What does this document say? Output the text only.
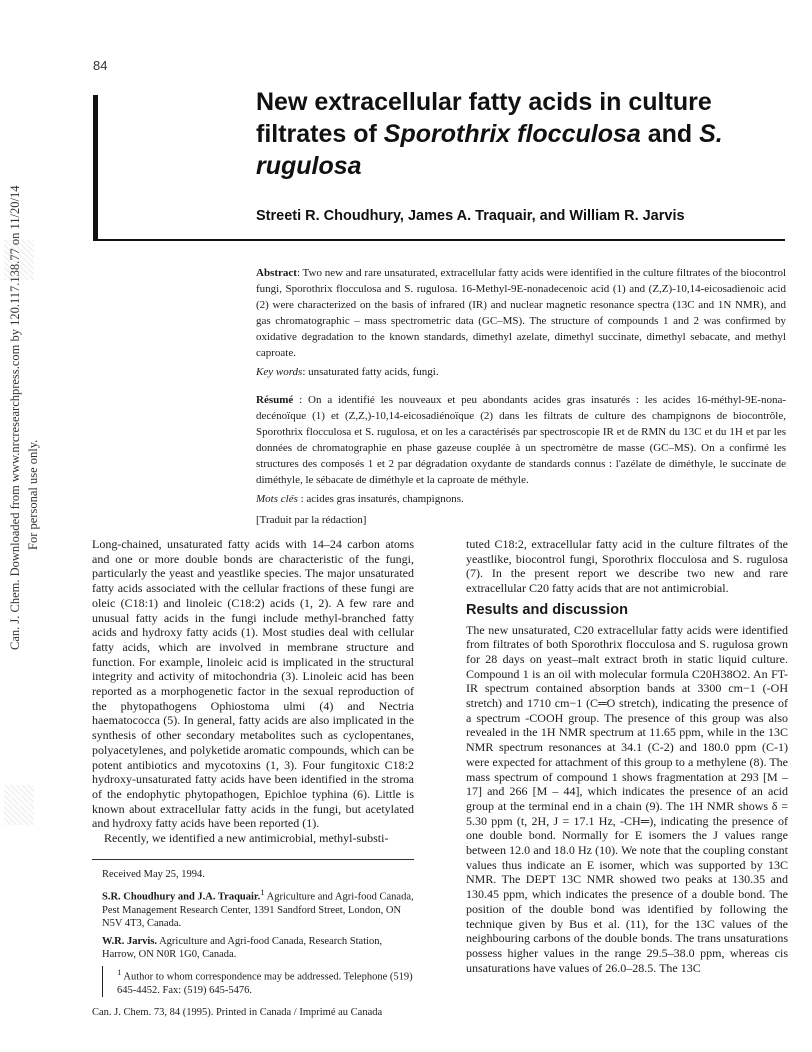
84
New extracellular fatty acids in culture filtrates of Sporothrix flocculosa and S. rugulosa
Streeti R. Choudhury, James A. Traquair, and William R. Jarvis
Can. J. Chem. Downloaded from www.nrcresearchpress.com by 120.117.138.77 on 11/20/14 For personal use only.

Abstract: Two new and rare unsaturated, extracellular fatty acids were identified in the culture filtrates of the biocontrol fungi, Sporothrix flocculosa and S. rugulosa. 16-Methyl-9E-nonadecenoic acid (1) and (Z,Z)-10,14-eicosadienoic acid (2) were characterized on the basis of infrared (IR) and nuclear magnetic resonance spectra (13C and 1N NMR), and gas chromatographic – mass spectrometric data (GC–MS). The structure of compounds 1 and 2 was confirmed by oxidative degradation to the known standards, dimethyl azelate, dimethyl succinate, dimethyl sebacate, and methyl caproate.

Key words: unsaturated fatty acids, fungi.

Résumé : On a identifié les nouveaux et peu abondants acides gras insaturés : les acides 16-méthyl-9E-nona-decénoïque (1) et (Z,Z,)-10,14-eicosadiénoïque (2) dans les filtrats de culture des champignons de biocontrôle, Sporothrix flocculosa et S. rugulosa, et on les a caractérisés par spectroscopie IR et de RMN du 13C et du 1H et par les données de chromatographie en phase gazeuse couplée à un spectromètre de masse (GC–MS). On a confirmé les structures des composés 1 et 2 par dégradation oxydante de standards connus : l'azélate de diméthyle, le succinate de diméthyle, le sébacate de diméthyle et la caproate de méthyle.

Mots clés : acides gras insaturés, champignons.

[Traduit par la rédaction]

Long-chained, unsaturated fatty acids with 14–24 carbon atoms and one or more double bonds are characteristic of the fungi, particularly the yeast and yeastlike species. The major unsaturated fatty acids associated with the cellular fractions of these fungi are oleic (C18:1) and linoleic (C18:2) acids (1, 2). A few rare and unusual fatty acids in the fungi include methyl-branched fatty acids and hydroxy fatty acids (1). Most studies deal with cellular fatty acids, which are involved in membrane structure and function. For example, linoleic acid is implicated in the structural integrity and activity of mitochondria (3). Linoleic acid has been reported as a morphogenetic factor in the sexual reproduction of the phytopathogens Ophiostoma ulmi (4) and Nectria haematococca (5). In general, fatty acids are also implicated in the synthesis of other secondary metabolites such as cyclopentanes, polyacetylenes, and polyketide aromatic compounds, which can be potent antibiotics and mycotoxins (1, 3). Four fungitoxic C18:2 hydroxy-unsaturated fatty acids have been identified in the stroma of the endophytic phytopathogen, Epichloe typhina (6). Little is known about extracellular fatty acids in the fungi, but acetylated and hydroxy fatty acids have been reported (1).

Recently, we identified a new antimicrobial, methyl-substi-

tuted C18:2, extracellular fatty acid in the culture filtrates of the yeastlike, biocontrol fungi, Sporothrix flocculosa and S. rugulosa (7). In the present report we describe two new and rare extracellular C20 fatty acids that are not antimicrobial.

Results and discussion

The new unsaturated, C20 extracellular fatty acids were identified from filtrates of both Sporothrix flocculosa and S. rugulosa grown for 28 days on yeast–malt extract broth in static liquid culture. Compound 1 is an oil with molecular formula C20H38O2. An FT-IR spectrum contained absorption bands at 3300 cm−1 (-OH stretch) and 1710 cm−1 (C═O stretch), indicating the presence of a spectrum -COOH group. The presence of this group was also revealed in the 1H NMR spectrum at 11.65 ppm, while in the 13C NMR spectrum resonances at 34.1 (C-2) and 180.0 ppm (C-1) were expected for attachment of this group to a methylene (8). The mass spectrum of compound 1 shows fragmentation at 293 [M – 17] and 266 [M – 44], which indicates the presence of an acid group at the terminal end in a chain (9). The 1H NMR shows δ = 5.30 ppm (t, 2H, J = 17.1 Hz, -CH═), indicating the presence of one double bond. Normally for E isomers the J values range between 12.0 and 18.0 Hz (10). We note that the coupling constant values thus indicate an E isomer, which was supported by 13C NMR. The DEPT 13C NMR showed two peaks at 130.35 and 130.45 ppm, which indicates the presence of a double bond. The position of the double bond was identified by following the technique given by Bus et al. (11), for the 13C values of the neighbouring carbons of the double bonds. The trans unsaturations possess higher values in the range 29.5–38.0 ppm, whereas cis unsaturations have values of 26.0–28.5. The 13C

Received May 25, 1994.

S.R. Choudhury and J.A. Traquair.$^1$ Agriculture and Agri-food Canada, Pest Management Research Center, 1391 Sandford Street, London, ON N5V 4T3, Canada.

W.R. Jarvis. Agriculture and Agri-food Canada, Research Station, Harrow, ON N0R 1G0, Canada.

$^1$ Author to whom correspondence may be addressed. Telephone (519) 645-4452. Fax: (519) 645-5476.

Can. J. Chem. 73, 84 (1995). Printed in Canada / Imprimé au Canada
